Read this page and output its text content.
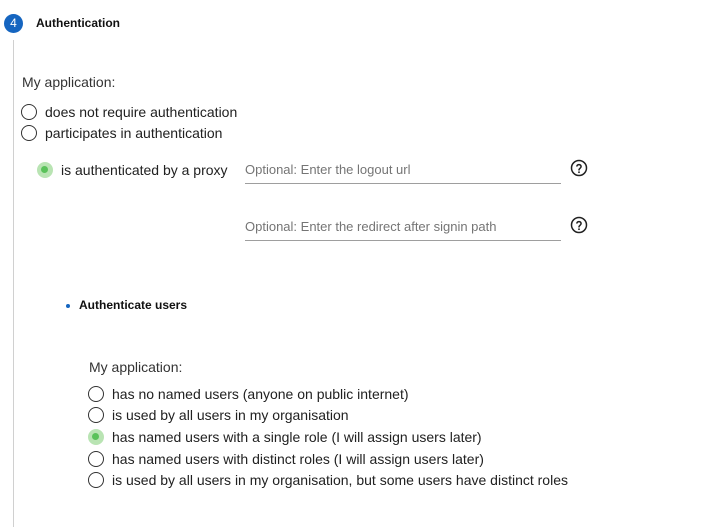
4	Authentication
My application:
does not require authentication
participates in authentication
is authenticated by a proxy
Optional: Enter the logout url
Optional: Enter the redirect after signin path
Authenticate users
My application:
has no named users (anyone on public internet)
is used by all users in my organisation
has named users with a single role (I will assign users later)
has named users with distinct roles (I will assign users later)
is used by all users in my organisation, but some users have distinct roles
